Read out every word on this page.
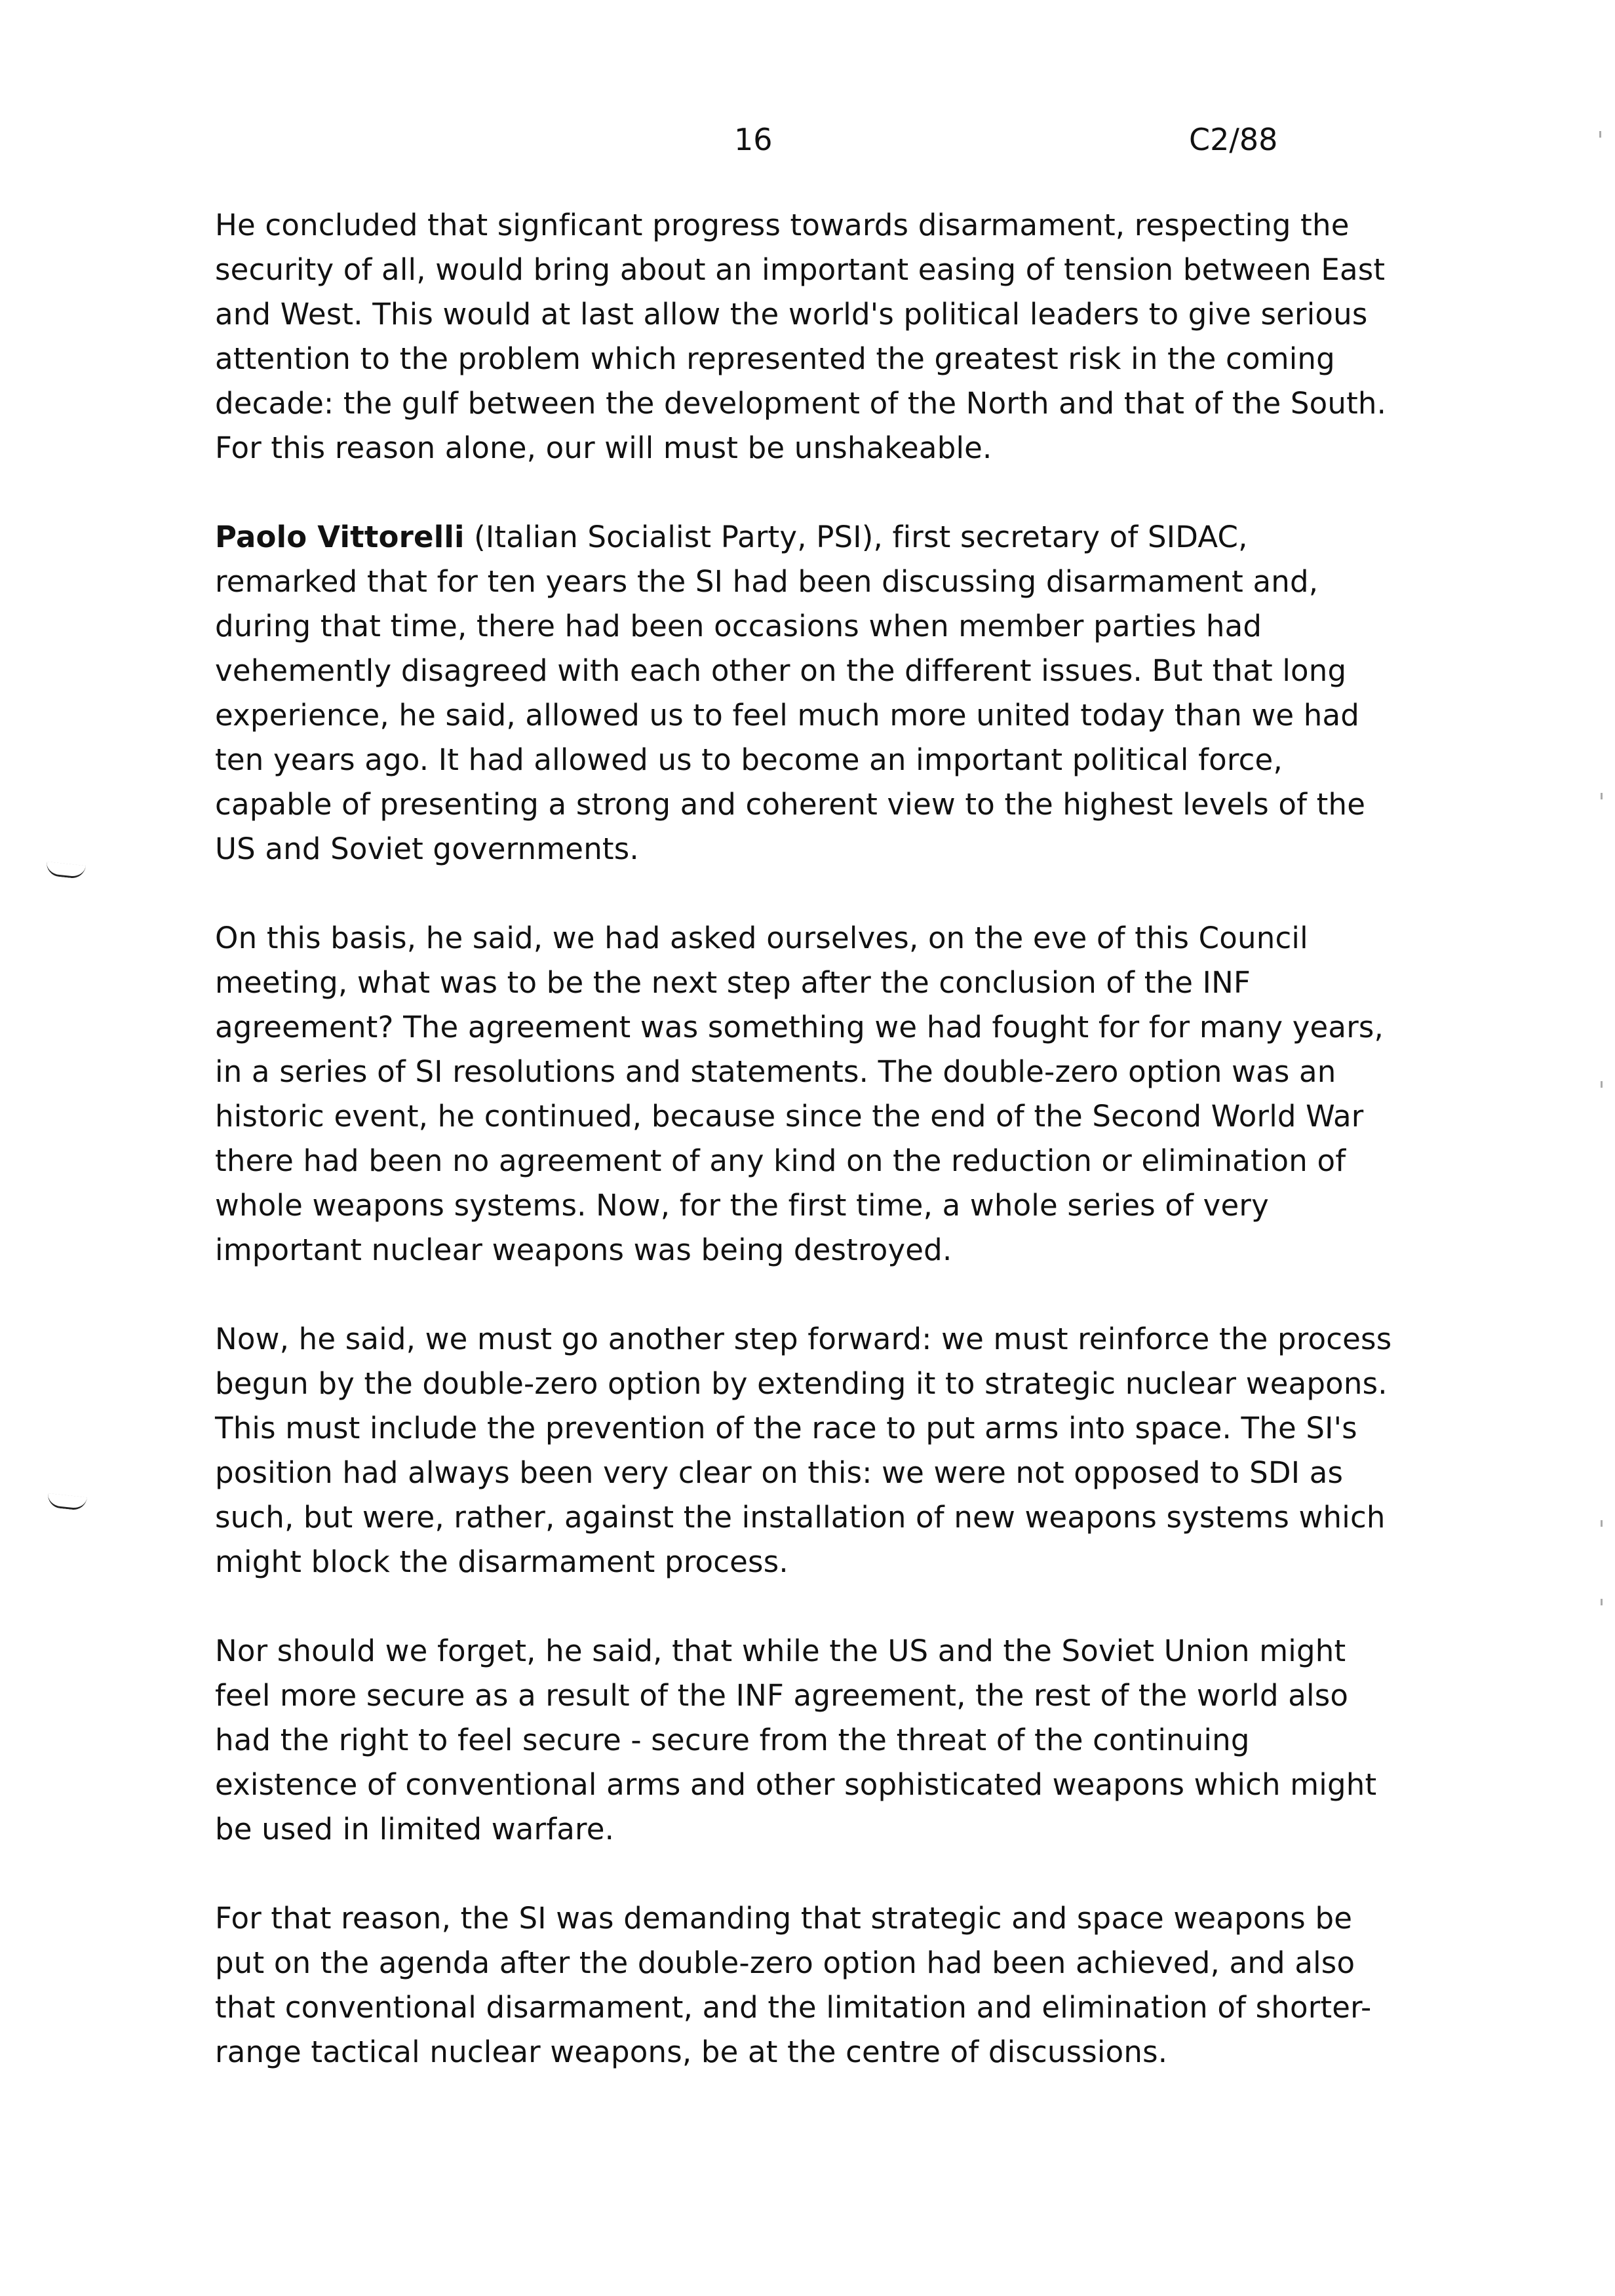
16	C2/88

He concluded that signficant progress towards disarmament, respecting the security of all, would bring about an important easing of tension between East and West. This would at last allow the world's political leaders to give serious attention to the problem which represented the greatest risk in the coming decade: the gulf between the development of the North and that of the South. For this reason alone, our will must be unshakeable.

Paolo Vittorelli (Italian Socialist Party, PSI), first secretary of SIDAC, remarked that for ten years the SI had been discussing disarmament and, during that time, there had been occasions when member parties had vehemently disagreed with each other on the different issues. But that long experience, he said, allowed us to feel much more united today than we had ten years ago. It had allowed us to become an important political force, capable of presenting a strong and coherent view to the highest levels of the US and Soviet governments.

On this basis, he said, we had asked ourselves, on the eve of this Council meeting, what was to be the next step after the conclusion of the INF agreement? The agreement was something we had fought for for many years, in a series of SI resolutions and statements. The double-zero option was an historic event, he continued, because since the end of the Second World War there had been no agreement of any kind on the reduction or elimination of whole weapons systems. Now, for the first time, a whole series of very important nuclear weapons was being destroyed.

Now, he said, we must go another step forward: we must reinforce the process begun by the double-zero option by extending it to strategic nuclear weapons. This must include the prevention of the race to put arms into space. The SI's position had always been very clear on this: we were not opposed to SDI as such, but were, rather, against the installation of new weapons systems which might block the disarmament process.

Nor should we forget, he said, that while the US and the Soviet Union might feel more secure as a result of the INF agreement, the rest of the world also had the right to feel secure - secure from the threat of the continuing existence of conventional arms and other sophisticated weapons which might be used in limited warfare.

For that reason, the SI was demanding that strategic and space weapons be put on the agenda after the double-zero option had been achieved, and also that conventional disarmament, and the limitation and elimination of shorter-range tactical nuclear weapons, be at the centre of discussions.
